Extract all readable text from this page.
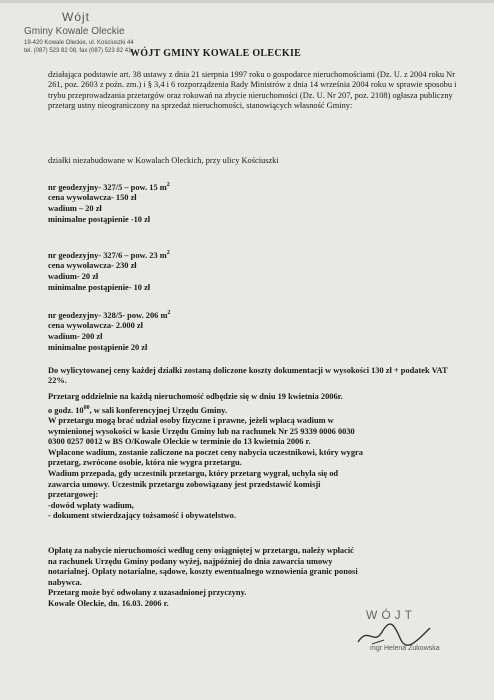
Wójt
Gminy Kowale Oleckie
19-420 Kowale Oleckie, ul. Kościuszki 44
tel. (087) 523 82 08, fax (087) 523 82 41
WÓJT GMINY KOWALE OLECKIE

działająca podstawie art. 38 ustawy z dnia 21 sierpnia 1997 roku o gospodarce nieruchomościami (Dz. U. z 2004 roku Nr 261, poz. 2603 z poźn. zm.) i § 3,4 i 6 rozporządzenia Rady Ministrów z dnia 14 września 2004 roku w sprawie sposobu i trybu przeprowadzania przetargów oraz rokowań na zbycie nieruchomości (Dz. U. Nr 207, poz. 2108) ogłasza publiczny przetarg ustny nieograniczony na sprzedaż nieruchomości, stanowiących własność Gminy:

działki niezabudowane w Kowalach Oleckich, przy ulicy Kościuszki

nr geodezyjny- 327/5 – pow. 15 $m^2$
cena wywoławcza- 150 zł
wadium – 20 zł
minimalne postąpienie -10 zł
nr geodezyjny- 327/6 – pow. 23 $m^2$
cena wywoławcza- 230 zł
wadium- 20 zł
minimalne postąpienie- 10 zł
nr geodezyjny- 328/5- pow. 206 $m^2$
cena wywoławcza- 2.000 zł
wadium- 200 zł
minimalne postąpienie 20 zł

Do wylicytowanej ceny każdej działki zostaną doliczone koszty dokumentacji w wysokości 130 zł + podatek VAT 22%.

Przetarg oddzielnie na każdą nieruchomość odbędzie się w dniu 19 kwietnia 2006r.
o godz. $10^{00}$, w sali konferencyjnej Urzędu Gminy.
W przetargu mogą brać udział osoby fizyczne i prawne, jeżeli wpłacą wadium w
wymienionej wysokości w kasie Urzędu Gminy lub na rachunek Nr 25 9339 0006 0030
0300 0257 0012 w BS O/Kowale Oleckie w terminie do 13 kwietnia 2006 r.
Wpłacone wadium, zostanie zaliczone na poczet ceny nabycia uczestnikowi, który wygra
przetarg, zwrócone osobie, która nie wygra przetargu.
Wadium przepada, gdy uczestnik przetargu, który przetarg wygrał, uchyla się od
zawarcia umowy. Uczestnik przetargu zobowiązany jest przedstawić komisji
przetargowej:
-dowód wpłaty wadium,
- dokument stwierdzający tożsamość i obywatelstwo.
Opłatę za nabycie nieruchomości według ceny osiągniętej w przetargu, należy wpłacić
na rachunek Urzędu Gminy podany wyżej, najpóźniej do dnia zawarcia umowy
notarialnej. Opłaty notarialne, sądowe, koszty ewentualnego wznowienia granic ponosi
nabywca.
Przetarg może być odwołany z uzasadnionej przyczyny.
Kowale Oleckie, dn. 16.03. 2006 r.
WÓJT
mgr Helena Zukowska
